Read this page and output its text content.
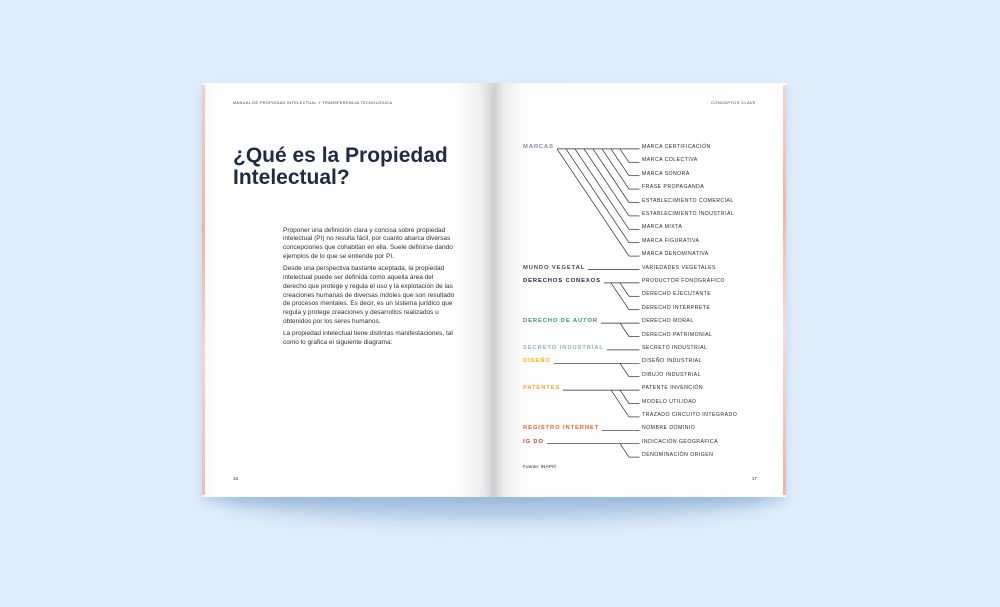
MANUAL DE PROPIEDAD INTELECTUAL Y TRANSFERENCIA TECNOLÓGICA
¿Qué es la Propiedad
Intelectual?
Proponer una definición clara y concisa sobre propiedad
intelectual (PI) no resulta fácil, por cuanto abarca diversas
concepciones que cohabitan en ella. Suele definirse dando
ejemplos de lo que se entiende por PI.
Desde una perspectiva bastante aceptada, la propiedad
intelectual puede ser definida como aquella área del
derecho que protege y regula el uso y la explotación de las
creaciones humanas de diversas índoles que son resultado
de procesos mentales. Es decir, es un sistema jurídico que
regula y protege creaciones y desarrollos realizados u
obtenidos por los seres humanos.
La propiedad intelectual tiene distintas manifestaciones, tal
como lo grafica el siguiente diagrama:
16
CONCEPTOS CLAVE
MARCAS	MARCA CERTIFICACIÓN
MARCA COLECTIVA
MARCA SONORA
FRASE PROPAGANDA
ESTABLECIMIENTO COMERCIAL
ESTABLECIMIENTO INDUSTRIAL
MARCA MIXTA
MARCA FIGURATIVA
MARCA DENOMINATIVA
MUNDO VEGETAL	VARIEDADES VEGETALES
DERECHOS CONEXOS	PRODUCTOR FONOGRÁFICO
DERECHO EJECUTANTE
DERECHO INTÉRPRETE
DERECHO DE AUTOR	DERECHO MORAL
DERECHO PATRIMONIAL
SECRETO INDUSTRIAL	SECRETO INDUSTRIAL
DISEÑO	DISEÑO INDUSTRIAL
DIBUJO INDUSTRIAL
PATENTES	PATENTE INVENCIÓN
MODELO UTILIDAD
TRAZADO CIRCUITO INTEGRADO
REGISTRO INTERNET	NOMBRE DOMINIO
IG DO	INDICACIÓN GEOGRÁFICA
DENOMINACIÓN ORIGEN
Fuente: INAPI©
17
